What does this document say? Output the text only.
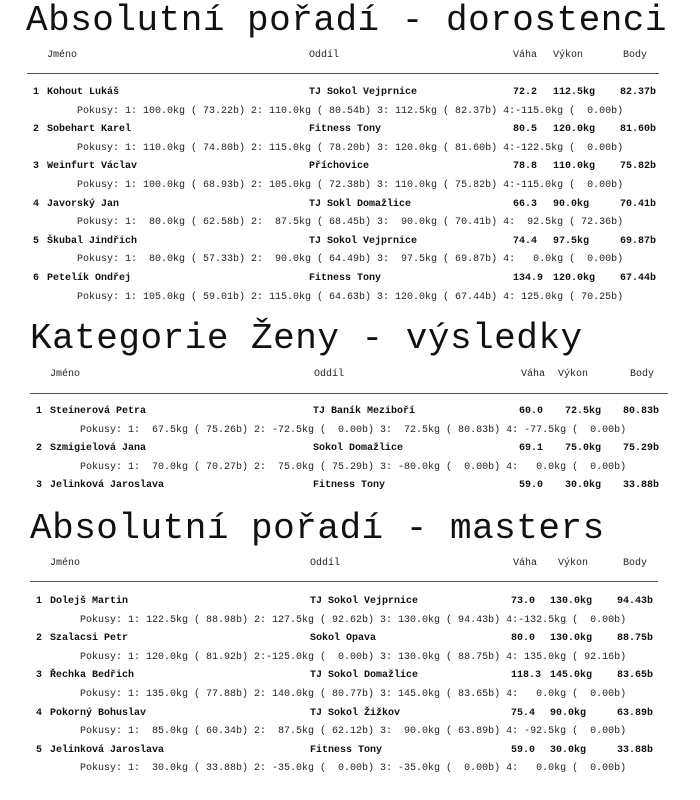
Absolutní pořadí - dorostenci
Jméno	Oddíl	Váha Výkon	Body
1 Kohout Lukáš	TJ Sokol Vejprnice	72.2 112.5kg 82.37b
Pokusy: 1: 100.0kg ( 73.22b) 2: 110.0kg ( 80.54b) 3: 112.5kg ( 82.37b) 4:-115.0kg (  0.00b)
2 Sobehart Karel	Fitness Tony	80.5 120.0kg 81.60b
Pokusy: 1: 110.0kg ( 74.80b) 2: 115.0kg ( 78.20b) 3: 120.0kg ( 81.60b) 4:-122.5kg (  0.00b)
3 Weinfurt Václav	Příchovice	78.8 110.0kg 75.82b
Pokusy: 1: 100.0kg ( 68.93b) 2: 105.0kg ( 72.38b) 3: 110.0kg ( 75.82b) 4:-115.0kg (  0.00b)
4 Javorský Jan	TJ Sokl Domažlice	66.3 90.0kg	70.41b
Pokusy: 1:  80.0kg ( 62.58b) 2:  87.5kg ( 68.45b) 3:  90.0kg ( 70.41b) 4:  92.5kg ( 72.36b)
5 Škubal Jindřich	TJ Sokol Vejprnice	74.4 97.5kg	69.87b
Pokusy: 1:  80.0kg ( 57.33b) 2:  90.0kg ( 64.49b) 3:  97.5kg ( 69.87b) 4:   0.0kg (  0.00b)
6 Petelík Ondřej	Fitness Tony	134.9 120.0kg 67.44b
Pokusy: 1: 105.0kg ( 59.01b) 2: 115.0kg ( 64.63b) 3: 120.0kg ( 67.44b) 4: 125.0kg ( 70.25b)
Kategorie Ženy - výsledky
Jméno	Oddíl	Váha Výkon	Body
1 Steinerová Petra	TJ Baník Meziboří	60.0 72.5kg 80.83b
Pokusy: 1:  67.5kg ( 75.26b) 2: -72.5kg (  0.00b) 3:  72.5kg ( 80.83b) 4: -77.5kg (  0.00b)
2 Szmigielová Jana	Sokol Domažlice	69.1 75.0kg 75.29b
Pokusy: 1:  70.0kg ( 70.27b) 2:  75.0kg ( 75.29b) 3: -80.0kg (  0.00b) 4:   0.0kg (  0.00b)
3 Jelinková Jaroslava	Fitness Tony	59.0 30.0kg 33.88b
Absolutní pořadí - masters
Jméno	Oddíl	Váha Výkon	Body
1 Dolejš Martin	TJ Sokol Vejprnice	73.0 130.0kg 94.43b
Pokusy: 1: 122.5kg ( 88.98b) 2: 127.5kg ( 92.62b) 3: 130.0kg ( 94.43b) 4:-132.5kg (  0.00b)
2 Szalacsi Petr	Sokol Opava	80.0 130.0kg 88.75b
Pokusy: 1: 120.0kg ( 81.92b) 2:-125.0kg (  0.00b) 3: 130.0kg ( 88.75b) 4: 135.0kg ( 92.16b)
3 Řechka Bedřich	TJ Sokol Domažlice	118.3 145.0kg 83.65b
Pokusy: 1: 135.0kg ( 77.88b) 2: 140.0kg ( 80.77b) 3: 145.0kg ( 83.65b) 4:   0.0kg (  0.00b)
4 Pokorný Bohuslav	TJ Sokol Žižkov	75.4 90.0kg	63.89b
Pokusy: 1:  85.0kg ( 60.34b) 2:  87.5kg ( 62.12b) 3:  90.0kg ( 63.89b) 4: -92.5kg (  0.00b)
5 Jelinková Jaroslava	Fitness Tony	59.0 30.0kg	33.88b
Pokusy: 1:  30.0kg ( 33.88b) 2: -35.0kg (  0.00b) 3: -35.0kg (  0.00b) 4:   0.0kg (  0.00b)
